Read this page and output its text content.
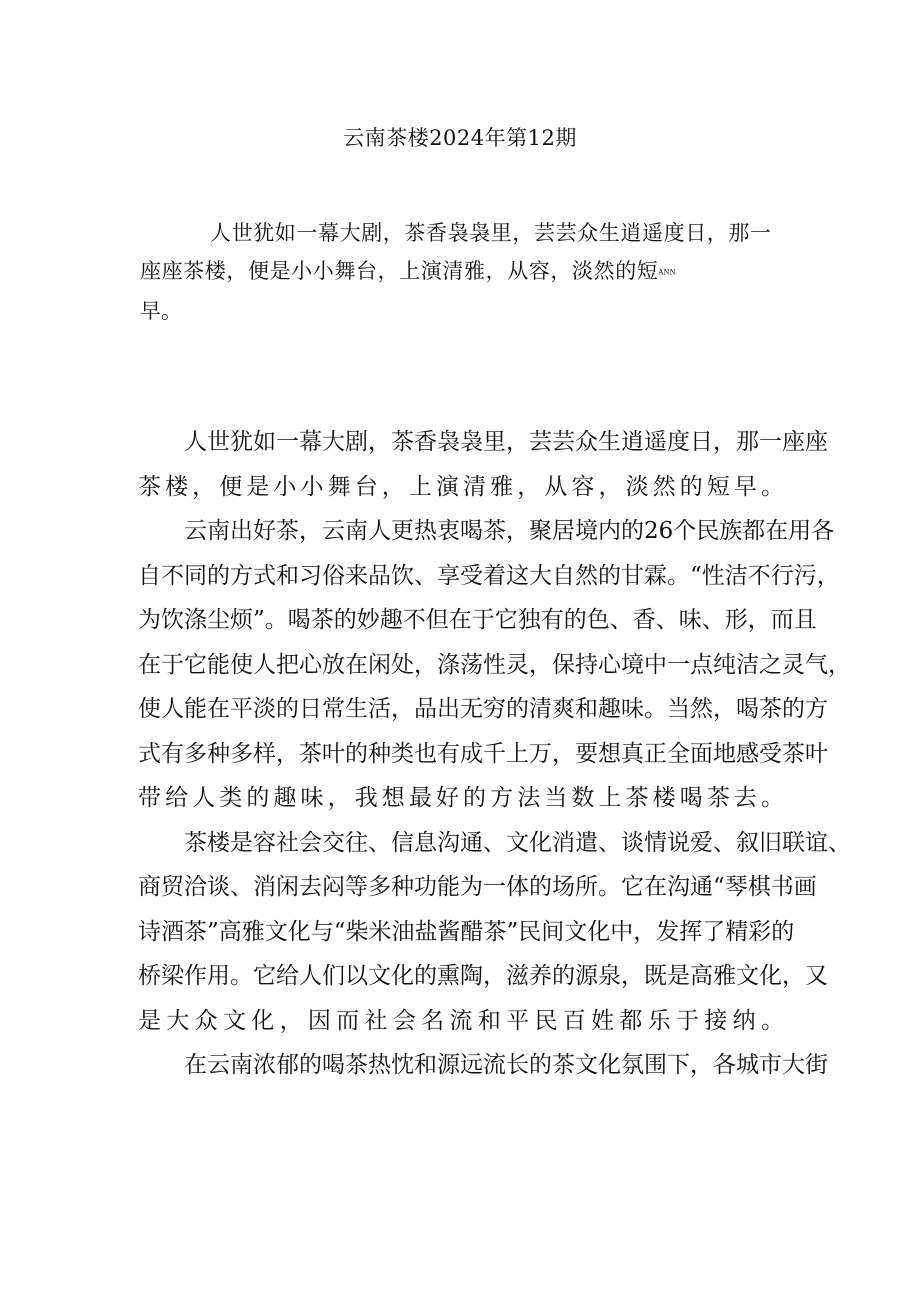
云南茶楼2024年第12期
人世犹如一幕大剧，茶香袅袅里，芸芸众生逍遥度日，那一
座座茶楼，便是小小舞台，上演清雅，从容，淡然的短ANN
早。

人世犹如一幕大剧，茶香袅袅里，芸芸众生逍遥度日，那一座座
茶楼，便是小小舞台，上演清雅，从容，淡然的短早。

云南出好茶，云南人更热衷喝茶，聚居境内的26个民族都在用各
自不同的方式和习俗来品饮、享受着这大自然的甘霖。“性洁不行污，
为饮涤尘烦”。喝茶的妙趣不但在于它独有的色、香、味、形，而且
在于它能使人把心放在闲处，涤荡性灵，保持心境中一点纯洁之灵气，
使人能在平淡的日常生活，品出无穷的清爽和趣味。当然，喝茶的方
式有多种多样，茶叶的种类也有成千上万，要想真正全面地感受茶叶
带给人类的趣味，我想最好的方法当数上茶楼喝茶去。

茶楼是容社会交往、信息沟通、文化消遣、谈情说爱、叙旧联谊、
商贸洽谈、消闲去闷等多种功能为一体的场所。它在沟通“琴棋书画
诗酒茶”高雅文化与“柴米油盐酱醋茶”民间文化中，发挥了精彩的
桥梁作用。它给人们以文化的熏陶，滋养的源泉，既是高雅文化，又
是大众文化，因而社会名流和平民百姓都乐于接纳。

在云南浓郁的喝茶热忱和源远流长的茶文化氛围下，各城市大街
